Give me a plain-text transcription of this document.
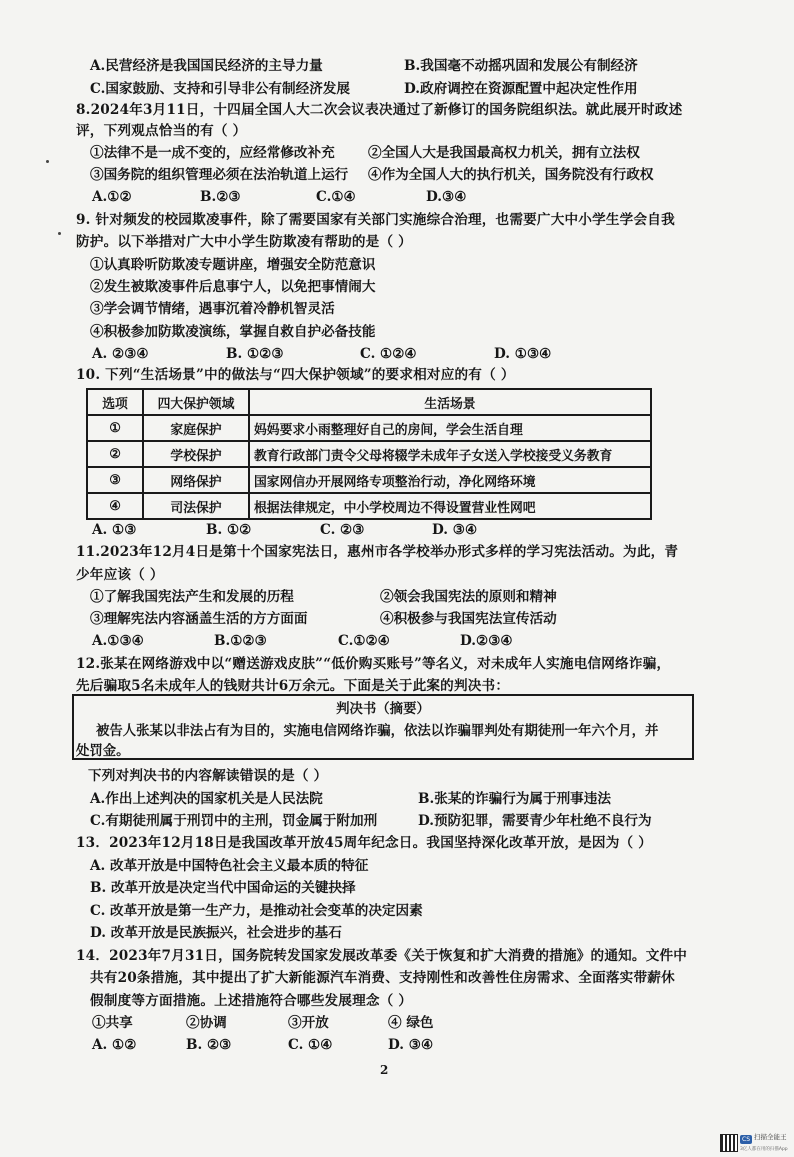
A.民营经济是我国国民经济的主导力量	B.我国毫不动摇巩固和发展公有制经济
C.国家鼓励、支持和引导非公有制经济发展	D.政府调控在资源配置中起决定性作用
8.2024年3月11日，十四届全国人大二次会议表决通过了新修订的国务院组织法。就此展开时政述
评，下列观点恰当的有（ ）
①法律不是一成不变的，应经常修改补充 ②全国人大是我国最高权力机关，拥有立法权
③国务院的组织管理必须在法治轨道上运行 ④作为全国人大的执行机关，国务院没有行政权
A.①②	B.②③	C.①④	D.③④
9. 针对频发的校园欺凌事件，除了需要国家有关部门实施综合治理，也需要广大中小学生学会自我
防护。以下举措对广大中小学生防欺凌有帮助的是（ ）
①认真聆听防欺凌专题讲座，增强安全防范意识
②发生被欺凌事件后息事宁人，以免把事情闹大
③学会调节情绪，遇事沉着冷静机智灵活
④积极参加防欺凌演练，掌握自救自护必备技能
A. ②③④	B. ①②③	C. ①②④	D. ①③④
10. 下列“生活场景”中的做法与“四大保护领域”的要求相对应的有（ ）
选项	四大保护领域	生活场景
①	家庭保护	妈妈要求小雨整理好自己的房间，学会生活自理
②	学校保护	教育行政部门责令父母将辍学未成年子女送入学校接受义务教育
③	网络保护	国家网信办开展网络专项整治行动，净化网络环境
④	司法保护	根据法律规定，中小学校周边不得设置营业性网吧
A. ①③	B. ①②	C. ②③	D. ③④
11.2023年12月4日是第十个国家宪法日，惠州市各学校举办形式多样的学习宪法活动。为此，青
少年应该（ ）
①了解我国宪法产生和发展的历程	②领会我国宪法的原则和精神
③理解宪法内容涵盖生活的方方面面	④积极参与我国宪法宣传活动
A.①③④	B.①②③	C.①②④	D.②③④
12.张某在网络游戏中以“赠送游戏皮肤”“低价购买账号”等名义，对未成年人实施电信网络诈骗，
先后骗取5名未成年人的钱财共计6万余元。下面是关于此案的判决书：
判决书（摘要）
被告人张某以非法占有为目的，实施电信网络诈骗，依法以诈骗罪判处有期徒刑一年六个月，并
处罚金。
下列对判决书的内容解读错误的是（ ）
A.作出上述判决的国家机关是人民法院	B.张某的诈骗行为属于刑事违法
C.有期徒刑属于刑罚中的主刑，罚金属于附加刑	D.预防犯罪，需要青少年杜绝不良行为
13．2023年12月18日是我国改革开放45周年纪念日。我国坚持深化改革开放，是因为（ ）
A. 改革开放是中国特色社会主义最本质的特征
B. 改革开放是决定当代中国命运的关键抉择
C. 改革开放是第一生产力，是推动社会变革的决定因素
D. 改革开放是民族振兴，社会进步的基石
14．2023年7月31日，国务院转发国家发展改革委《关于恢复和扩大消费的措施》的通知。文件中
共有20条措施，其中提出了扩大新能源汽车消费、支持刚性和改善性住房需求、全面落实带薪休
假制度等方面措施。上述措施符合哪些发展理念（ ）
①共享	②协调	③开放	④ 绿色
A. ①②	B. ②③	C. ①④	D. ③④
2
CS 扫描全能王
3亿人都在用的扫描App
